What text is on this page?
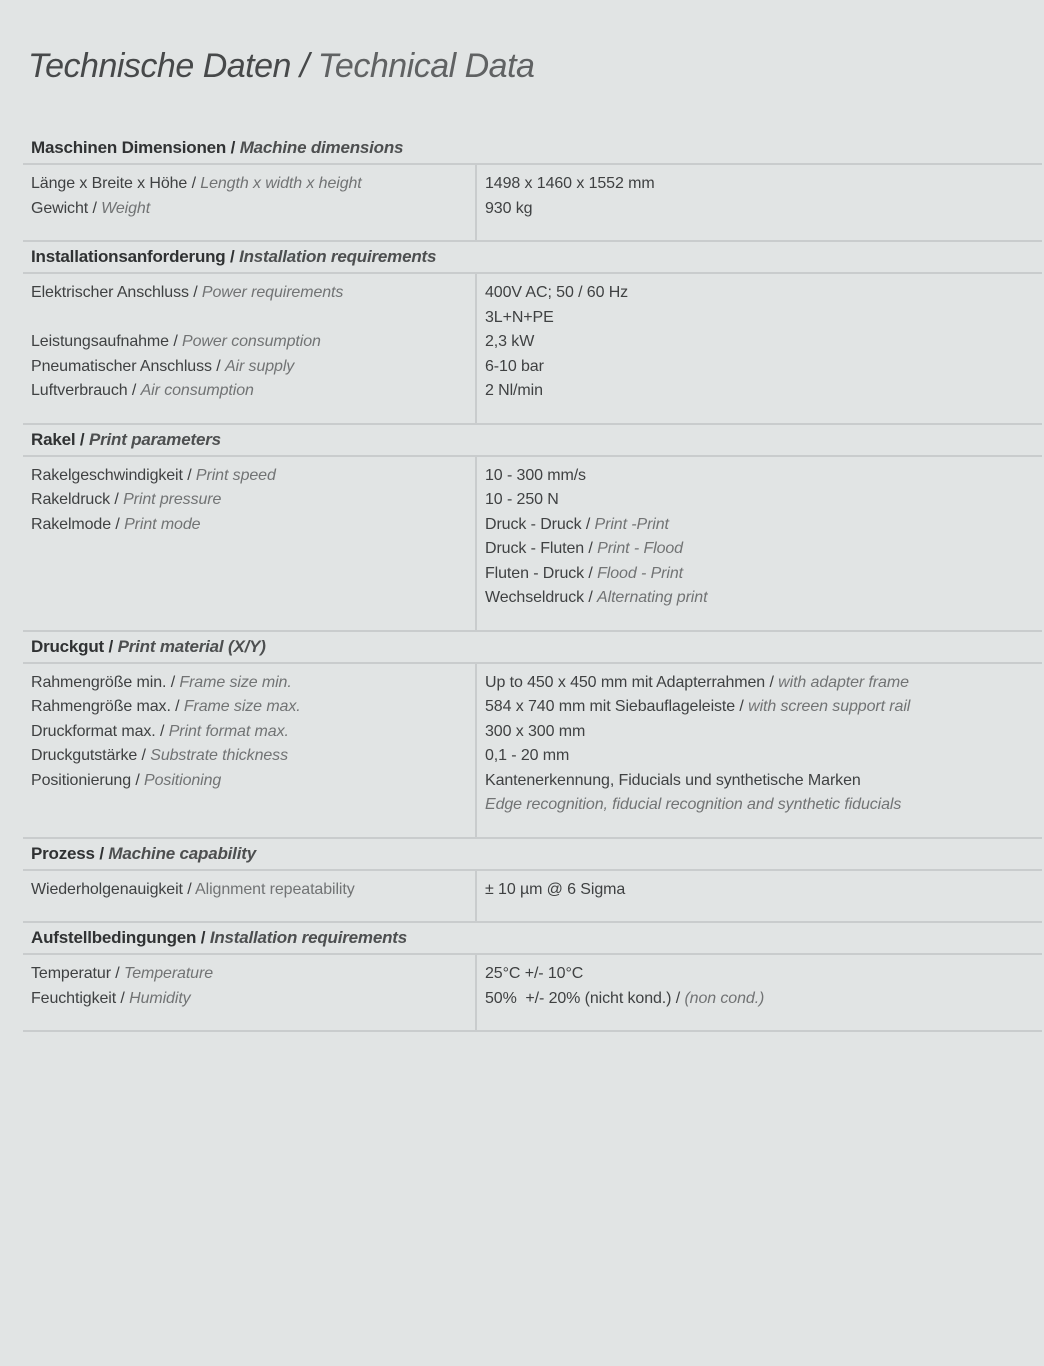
Technische Daten / Technical Data
Maschinen Dimensionen / Machine dimensions
Länge x Breite x Höhe / Length x width x height
Gewicht / Weight
1498 x 1460 x 1552 mm
930 kg
Installationsanforderung / Installation requirements
Elektrischer Anschluss / Power requirements

Leistungsaufnahme / Power consumption
Pneumatischer Anschluss / Air supply
Luftverbrauch / Air consumption
400V AC; 50 / 60 Hz
3L+N+PE
2,3 kW
6-10 bar
2 Nl/min
Rakel / Print parameters
Rakelgeschwindigkeit / Print speed
Rakeldruck / Print pressure
Rakelmode / Print mode
10 - 300 mm/s
10 - 250 N
Druck - Druck / Print -Print
Druck - Fluten / Print - Flood
Fluten - Druck / Flood - Print
Wechseldruck / Alternating print
Druckgut / Print material (X/Y)
Rahmengröße min. / Frame size min.
Rahmengröße max. / Frame size max.
Druckformat max. / Print format max.
Druckgutstärke / Substrate thickness
Positionierung / Positioning
Up to 450 x 450 mm mit Adapterrahmen / with adapter frame
584 x 740 mm mit Siebauflageleiste / with screen support rail
300 x 300 mm
0,1 - 20 mm
Kantenerkennung, Fiducials und synthetische Marken
Edge recognition, fiducial recognition and synthetic fiducials
Prozess / Machine capability
Wiederholgenauigkeit / Alignment repeatability	± 10 µm @ 6 Sigma
Aufstellbedingungen / Installation requirements
Temperatur / Temperature
Feuchtigkeit / Humidity
25°C +/- 10°C
50%  +/- 20% (nicht kond.) / (non cond.)
